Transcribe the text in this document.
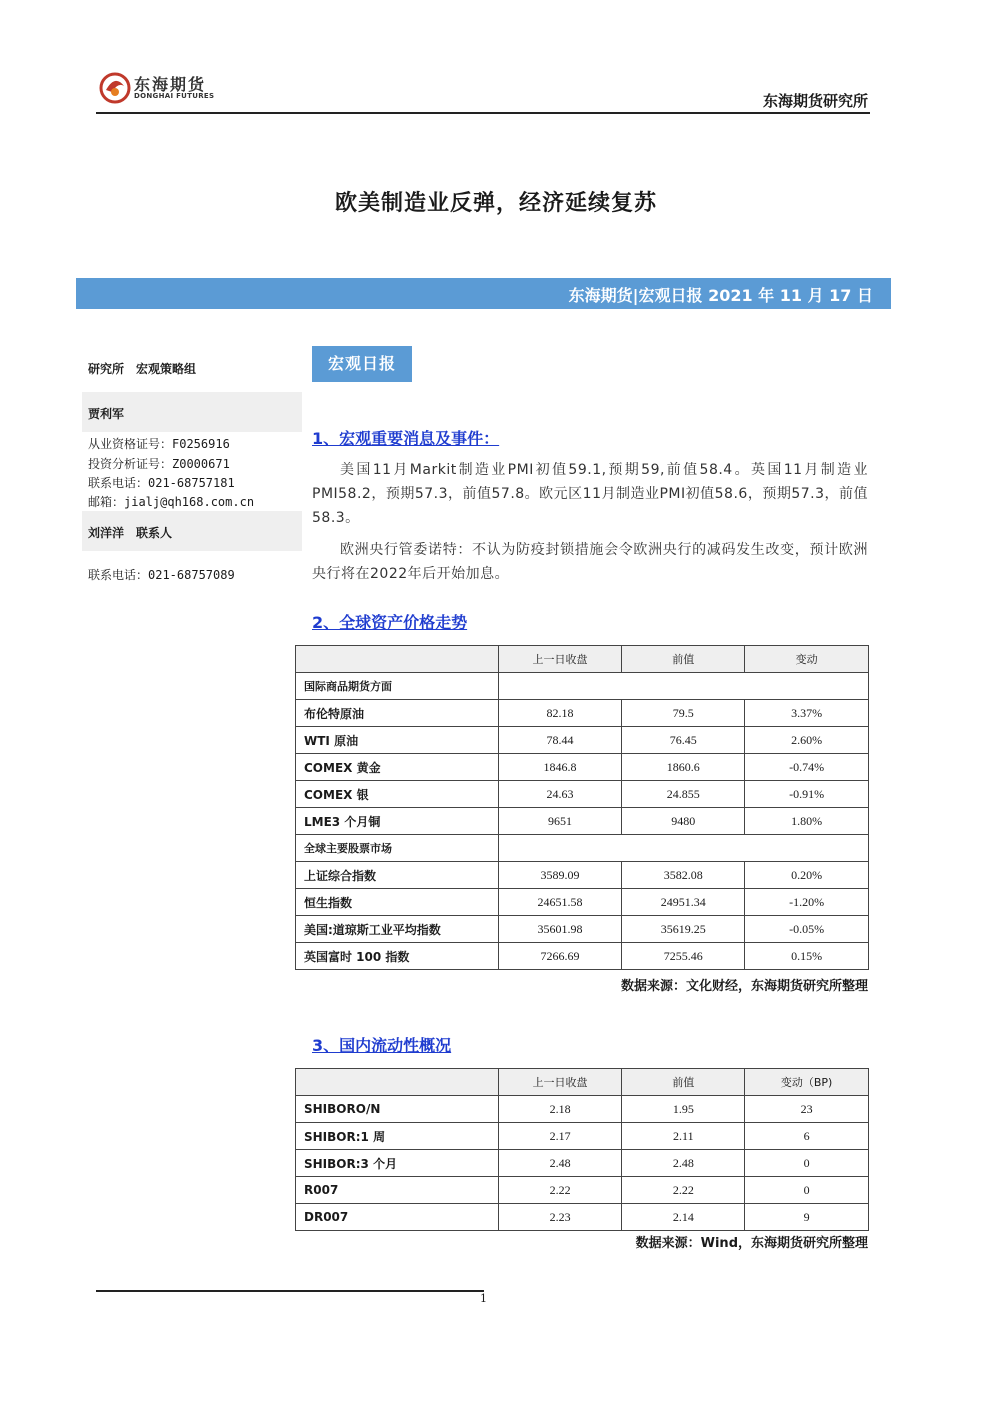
东海期货
DONGHAI FUTURES	东海期货研究所
欧美制造业反弹，经济延续复苏
东海期货|宏观日报 2021 年 11 月 17 日
研究所　宏观策略组
贾利军
从业资格证号：F0256916
投资分析证号：Z0000671
联系电话：021-68757181
邮箱：jialj@qh168.com.cn
刘洋洋　联系人
联系电话：021-68757089
宏观日报
1、宏观重要消息及事件：
美国11月Markit制造业PMI初值59.1,预期59,前值58.4。英国11月制造业PMI58.2，预期57.3，前值57.8。欧元区11月制造业PMI初值58.6，预期57.3，前值58.3。
欧洲央行管委诺特：不认为防疫封锁措施会令欧洲央行的减码发生改变，预计欧洲央行将在2022年后开始加息。
2、全球资产价格走势
	上一日收盘	前值	变动
国际商品期货方面			
布伦特原油	82.18	79.5	3.37%
WTI 原油	78.44	76.45	2.60%
COMEX 黄金	1846.8	1860.6	-0.74%
COMEX 银	24.63	24.855	-0.91%
LME3 个月铜	9651	9480	1.80%
全球主要股票市场			
上证综合指数	3589.09	3582.08	0.20%
恒生指数	24651.58	24951.34	-1.20%
美国:道琼斯工业平均指数	35601.98	35619.25	-0.05%
英国富时 100 指数	7266.69	7255.46	0.15%
数据来源：文化财经，东海期货研究所整理
3、国内流动性概况
	上一日收盘	前值	变动（BP)
SHIBORO/N	2.18	1.95	23
SHIBOR:1 周	2.17	2.11	6
SHIBOR:3 个月	2.48	2.48	0
R007	2.22	2.22	0
DR007	2.23	2.14	9
数据来源：Wind，东海期货研究所整理
1
